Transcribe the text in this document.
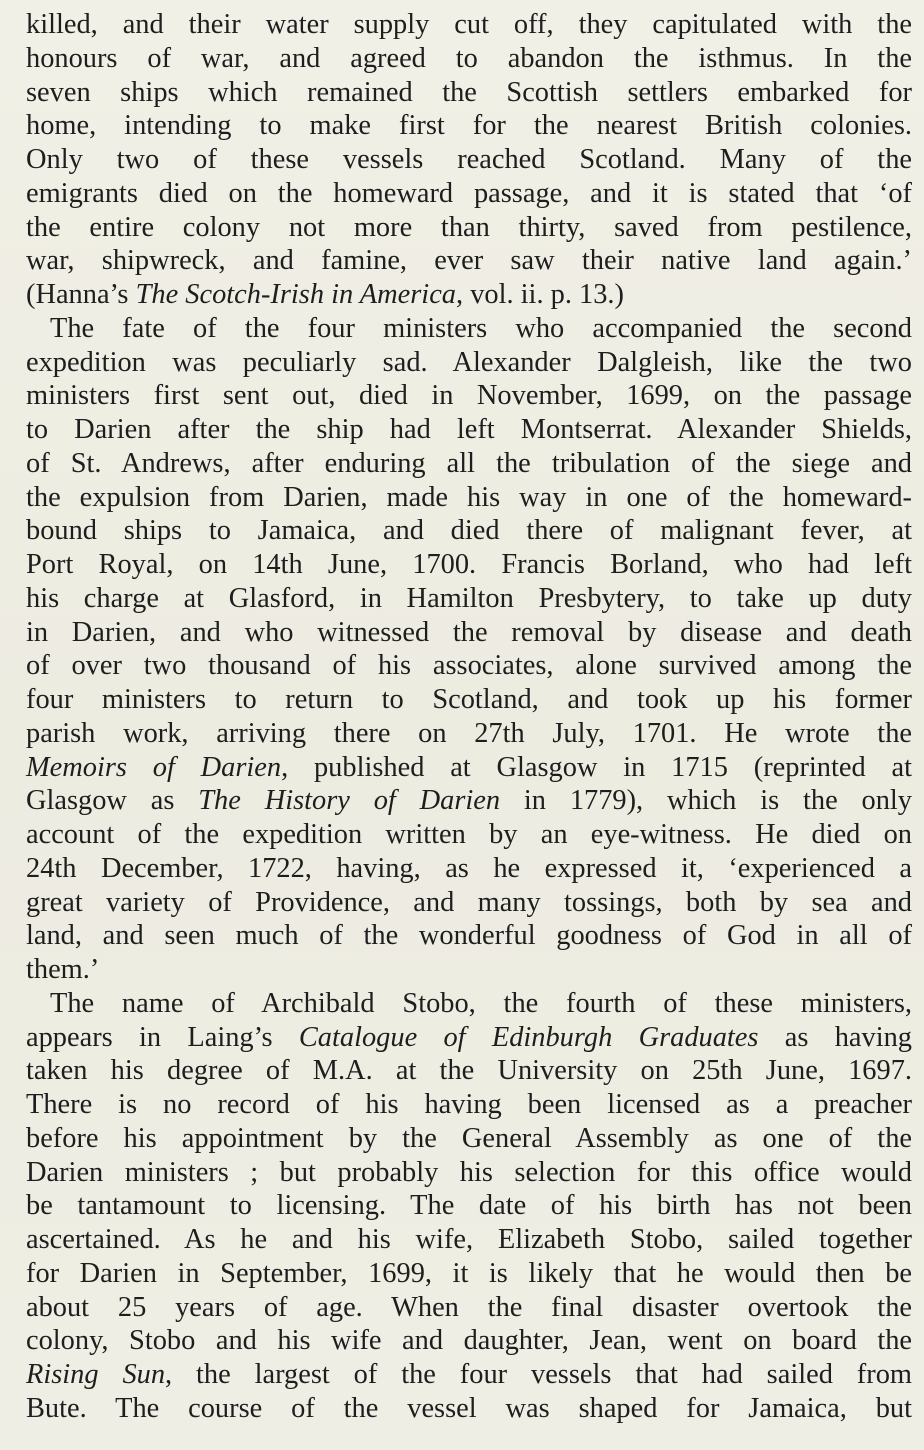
killed, and their water supply cut off, they capitulated with the
honours of war, and agreed to abandon the isthmus. In the
seven ships which remained the Scottish settlers embarked for
home, intending to make first for the nearest British colonies.
Only two of these vessels reached Scotland. Many of the
emigrants died on the homeward passage, and it is stated that ‘of
the entire colony not more than thirty, saved from pestilence,
war, shipwreck, and famine, ever saw their native land again.’
(Hanna’s The Scotch-Irish in America, vol. ii. p. 13.)
The fate of the four ministers who accompanied the second
expedition was peculiarly sad. Alexander Dalgleish, like the two
ministers first sent out, died in November, 1699, on the passage
to Darien after the ship had left Montserrat. Alexander Shields,
of St. Andrews, after enduring all the tribulation of the siege and
the expulsion from Darien, made his way in one of the homeward-
bound ships to Jamaica, and died there of malignant fever, at
Port Royal, on 14th June, 1700. Francis Borland, who had left
his charge at Glasford, in Hamilton Presbytery, to take up duty
in Darien, and who witnessed the removal by disease and death
of over two thousand of his associates, alone survived among the
four ministers to return to Scotland, and took up his former
parish work, arriving there on 27th July, 1701. He wrote the
Memoirs of Darien, published at Glasgow in 1715 (reprinted at
Glasgow as The History of Darien in 1779), which is the only
account of the expedition written by an eye-witness. He died on
24th December, 1722, having, as he expressed it, ‘experienced a
great variety of Providence, and many tossings, both by sea and
land, and seen much of the wonderful goodness of God in all of
them.’
The name of Archibald Stobo, the fourth of these ministers,
appears in Laing’s Catalogue of Edinburgh Graduates as having
taken his degree of M.A. at the University on 25th June, 1697.
There is no record of his having been licensed as a preacher
before his appointment by the General Assembly as one of the
Darien ministers ; but probably his selection for this office would
be tantamount to licensing. The date of his birth has not been
ascertained. As he and his wife, Elizabeth Stobo, sailed together
for Darien in September, 1699, it is likely that he would then be
about 25 years of age. When the final disaster overtook the
colony, Stobo and his wife and daughter, Jean, went on board the
Rising Sun, the largest of the four vessels that had sailed from
Bute. The course of the vessel was shaped for Jamaica, but
